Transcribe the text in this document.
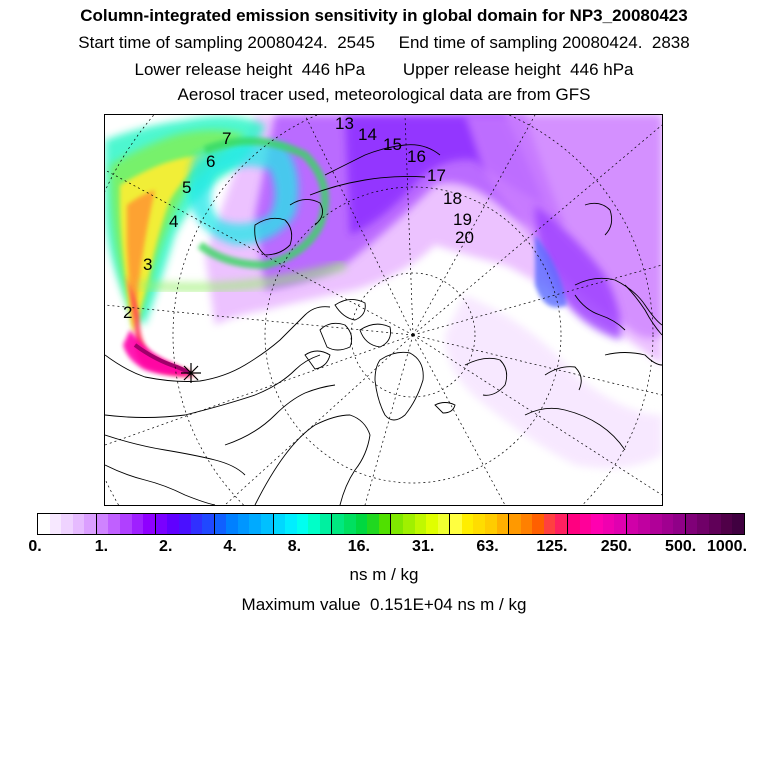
Column-integrated emission sensitivity in global domain for NP3_20080423
Start time of sampling 20080424.  2545     End time of sampling 20080424.  2838
Lower release height  446 hPa        Upper release height  446 hPa
Aerosol tracer used, meteorological data are from GFS
2
3
4
5
6
7
13
14
15
16
17
18
19
20
0.	1.	2.	4.	8.	16.	31.	63. 125. 250. 500. 1000.
ns m / kg
Maximum value  0.151E+04 ns m / kg
